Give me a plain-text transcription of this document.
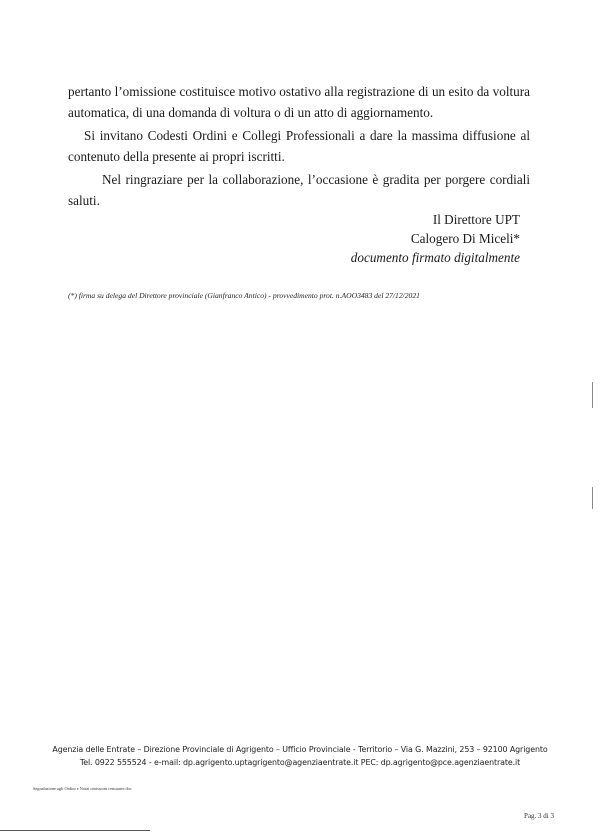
pertanto l’omissione costituisce motivo ostativo alla registrazione di un esito da voltura
automatica, di una domanda di voltura o di un atto di aggiornamento.

Si invitano Codesti Ordini e Collegi Professionali a dare la massima diffusione al
contenuto della presente ai propri iscritti.

Nel ringraziare per la collaborazione, l’occasione è gradita per porgere cordiali
saluti.

Il Direttore UPT
Calogero Di Miceli*
documento firmato digitalmente
(*) firma su delega del Direttore provinciale (Gianfranco Antico) - provvedimento prot. n.AOO3483 del 27/12/2021
Agenzia delle Entrate – Direzione Provinciale di Agrigento – Ufficio Provinciale - Territorio – Via G. Mazzini, 253 – 92100 Agrigento
Tel. 0922 555524 - e-mail: dp.agrigento.uptagrigento@agenziaentrate.it PEC: dp.agrigento@pce.agenziaentrate.it
Segnalazione agli Ordini e Notai omissioni censuarie.doc
Pag. 3 di 3
